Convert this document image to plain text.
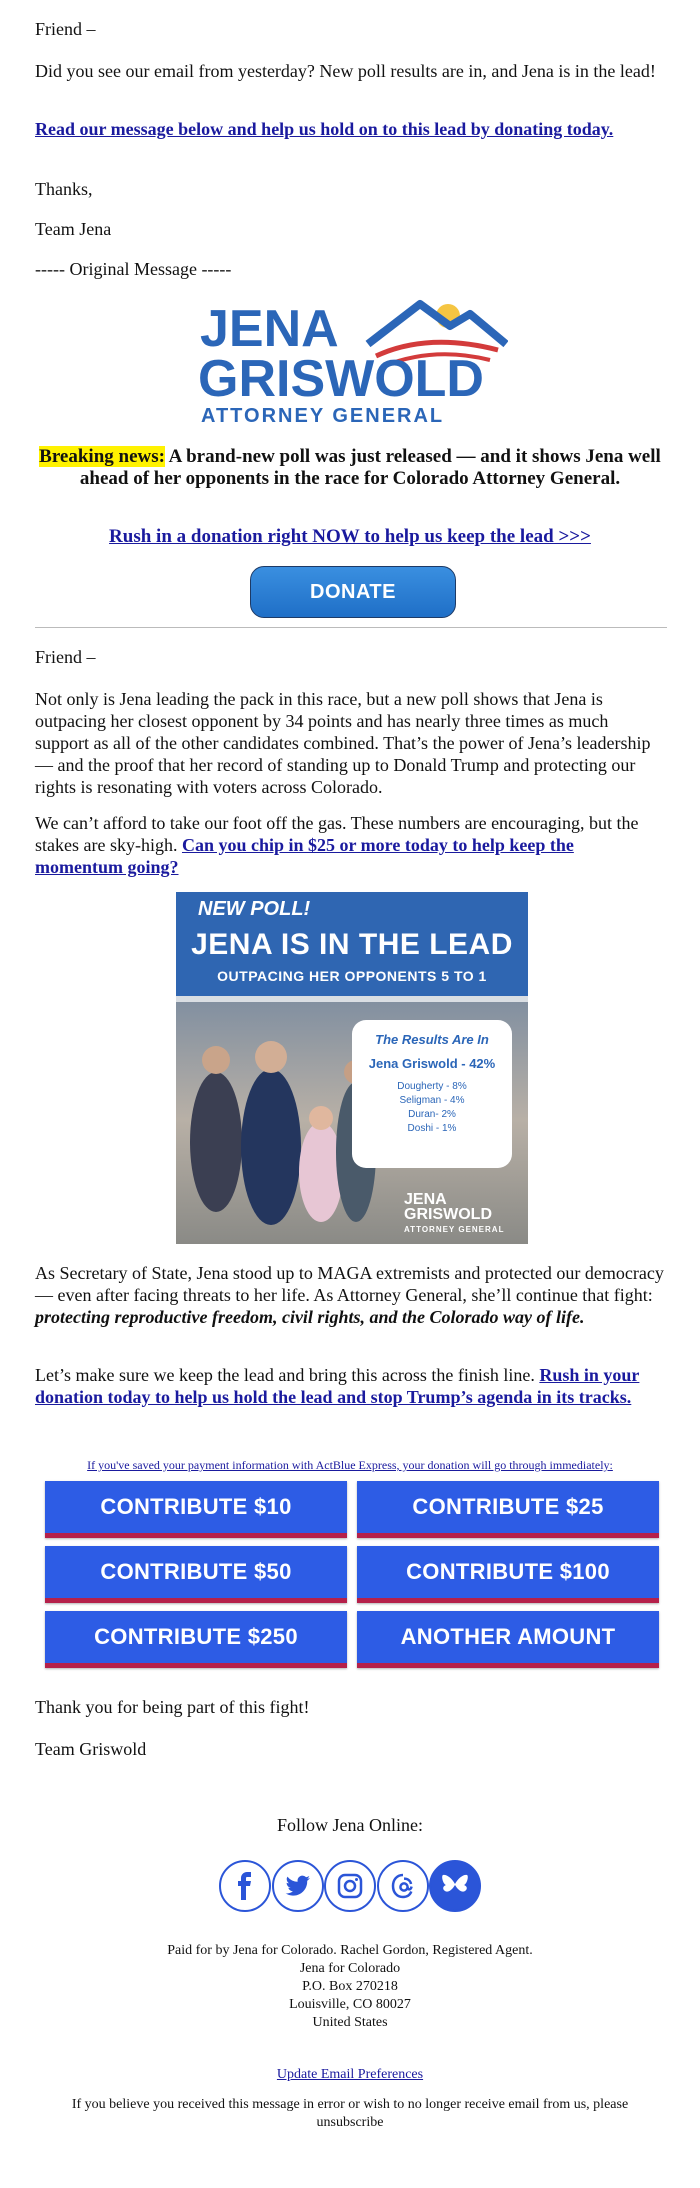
Friend –

Did you see our email from yesterday? New poll results are in, and Jena is in the lead!

Read our message below and help us hold on to this lead by donating today.

Thanks,

Team Jena

----- Original Message -----

JENA
GRISWOLD
ATTORNEY GENERAL

Breaking news: A brand-new poll was just released — and it shows Jena well ahead of her opponents in the race for Colorado Attorney General.

Rush in a donation right NOW to help us keep the lead >>>

DONATE

Friend –

Not only is Jena leading the pack in this race, but a new poll shows that Jena is outpacing her closest opponent by 34 points and has nearly three times as much support as all of the other candidates combined. That’s the power of Jena’s leadership — and the proof that her record of standing up to Donald Trump and protecting our rights is resonating with voters across Colorado.

We can’t afford to take our foot off the gas. These numbers are encouraging, but the stakes are sky-high. Can you chip in $25 or more today to help keep the momentum going?

NEW POLL!
JENA IS IN THE LEAD
OUTPACING HER OPPONENTS 5 TO 1
The Results Are In
Jena Griswold - 42%
Dougherty - 8%
Seligman - 4%
Duran- 2%
Doshi - 1%
JENA
GRISWOLD
ATTORNEY GENERAL

As Secretary of State, Jena stood up to MAGA extremists and protected our democracy — even after facing threats to her life. As Attorney General, she’ll continue that fight: protecting reproductive freedom, civil rights, and the Colorado way of life.

Let’s make sure we keep the lead and bring this across the finish line. Rush in your donation today to help us hold the lead and stop Trump’s agenda in its tracks.

If you've saved your payment information with ActBlue Express, your donation will go through immediately:

CONTRIBUTE $10	CONTRIBUTE $25
CONTRIBUTE $50	CONTRIBUTE $100
CONTRIBUTE $250	ANOTHER AMOUNT

Thank you for being part of this fight!

Team Griswold

Follow Jena Online:

Paid for by Jena for Colorado. Rachel Gordon, Registered Agent.

Jena for Colorado
P.O. Box 270218
Louisville, CO 80027
United States

Update Email Preferences

If you believe you received this message in error or wish to no longer receive email from us, please unsubscribe
